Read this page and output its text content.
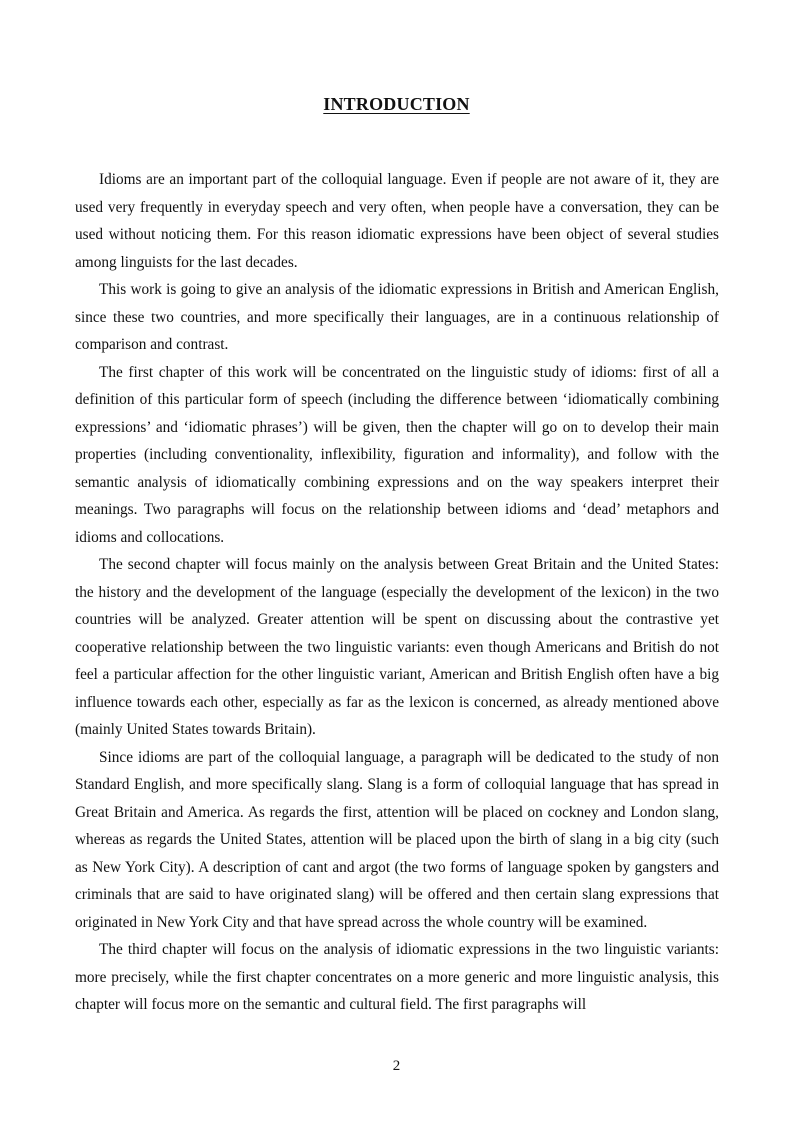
INTRODUCTION

Idioms are an important part of the colloquial language. Even if people are not aware of it, they are used very frequently in everyday speech and very often, when people have a conversation, they can be used without noticing them. For this reason idiomatic expressions have been object of several studies among linguists for the last decades.

This work is going to give an analysis of the idiomatic expressions in British and American English, since these two countries, and more specifically their languages, are in a continuous relationship of comparison and contrast.

The first chapter of this work will be concentrated on the linguistic study of idioms: first of all a definition of this particular form of speech (including the difference between ‘idiomatically combining expressions’ and ‘idiomatic phrases’) will be given, then the chapter will go on to develop their main properties (including conventionality, inflexibility, figuration and informality), and follow with the semantic analysis of idiomatically combining expressions and on the way speakers interpret their meanings. Two paragraphs will focus on the relationship between idioms and ‘dead’ metaphors and idioms and collocations.

The second chapter will focus mainly on the analysis between Great Britain and the United States: the history and the development of the language (especially the development of the lexicon) in the two countries will be analyzed. Greater attention will be spent on discussing about the contrastive yet cooperative relationship between the two linguistic variants: even though Americans and British do not feel a particular affection for the other linguistic variant, American and British English often have a big influence towards each other, especially as far as the lexicon is concerned, as already mentioned above (mainly United States towards Britain).

Since idioms are part of the colloquial language, a paragraph will be dedicated to the study of non Standard English, and more specifically slang. Slang is a form of colloquial language that has spread in Great Britain and America. As regards the first, attention will be placed on cockney and London slang, whereas as regards the United States, attention will be placed upon the birth of slang in a big city (such as New York City). A description of cant and argot (the two forms of language spoken by gangsters and criminals that are said to have originated slang) will be offered and then certain slang expressions that originated in New York City and that have spread across the whole country will be examined.

The third chapter will focus on the analysis of idiomatic expressions in the two linguistic variants: more precisely, while the first chapter concentrates on a more generic and more linguistic analysis, this chapter will focus more on the semantic and cultural field. The first paragraphs will

2
